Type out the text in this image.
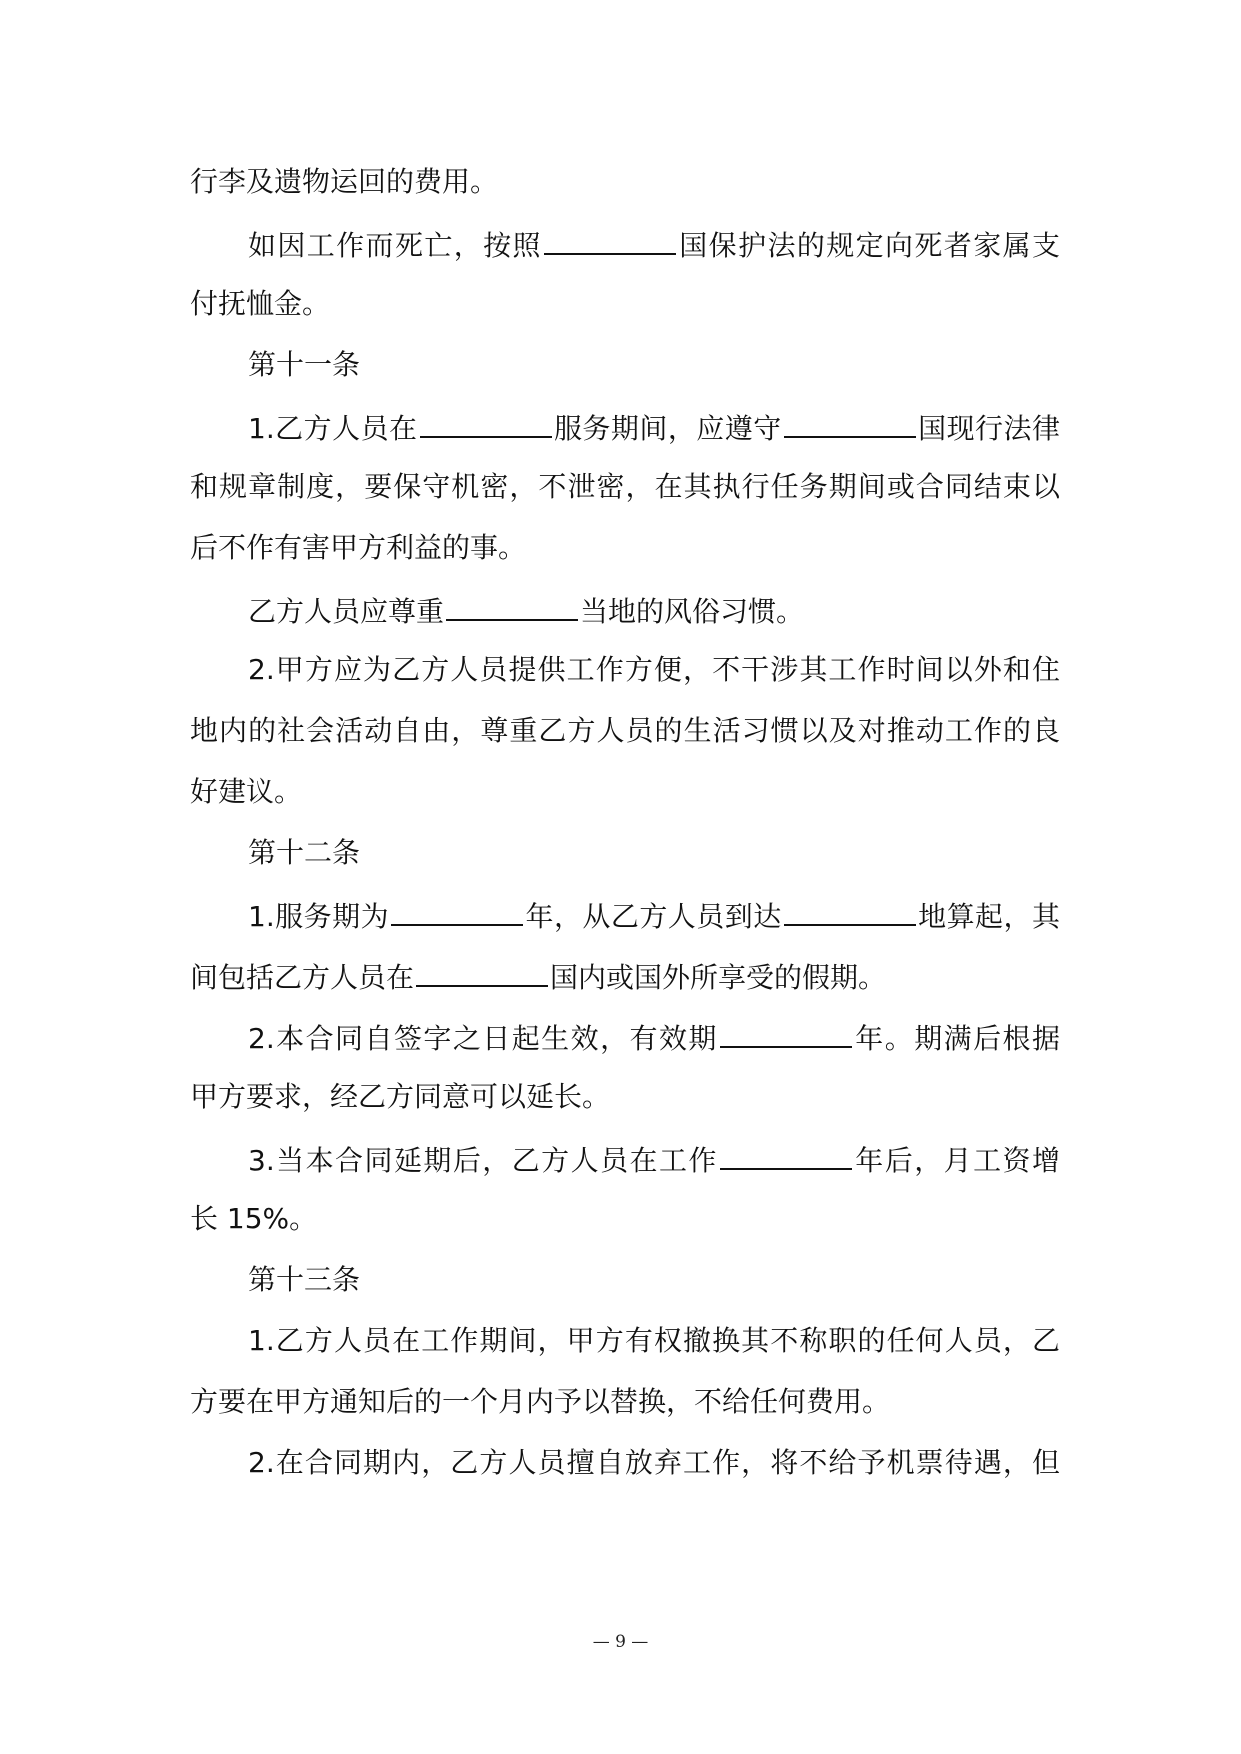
行李及遗物运回的费用。
如因工作而死亡，按照	国保护法的规定向死者家属支
付抚恤金。
第十一条
1.乙方人员在	服务期间，应遵守	国现行法律
和规章制度，要保守机密，不泄密，在其执行任务期间或合同结束以
后不作有害甲方利益的事。
乙方人员应尊重	当地的风俗习惯。
2.甲方应为乙方人员提供工作方便，不干涉其工作时间以外和住
地内的社会活动自由，尊重乙方人员的生活习惯以及对推动工作的良
好建议。
第十二条
1.服务期为	年，从乙方人员到达	地算起，其
间包括乙方人员在	国内或国外所享受的假期。
2.本合同自签字之日起生效，有效期	年。期满后根据
甲方要求，经乙方同意可以延长。
3.当本合同延期后，乙方人员在工作	年后，月工资增
长 15%。
第十三条
1.乙方人员在工作期间，甲方有权撤换其不称职的任何人员，乙
方要在甲方通知后的一个月内予以替换，不给任何费用。
2.在合同期内，乙方人员擅自放弃工作，将不给予机票待遇，但
— 9 —
